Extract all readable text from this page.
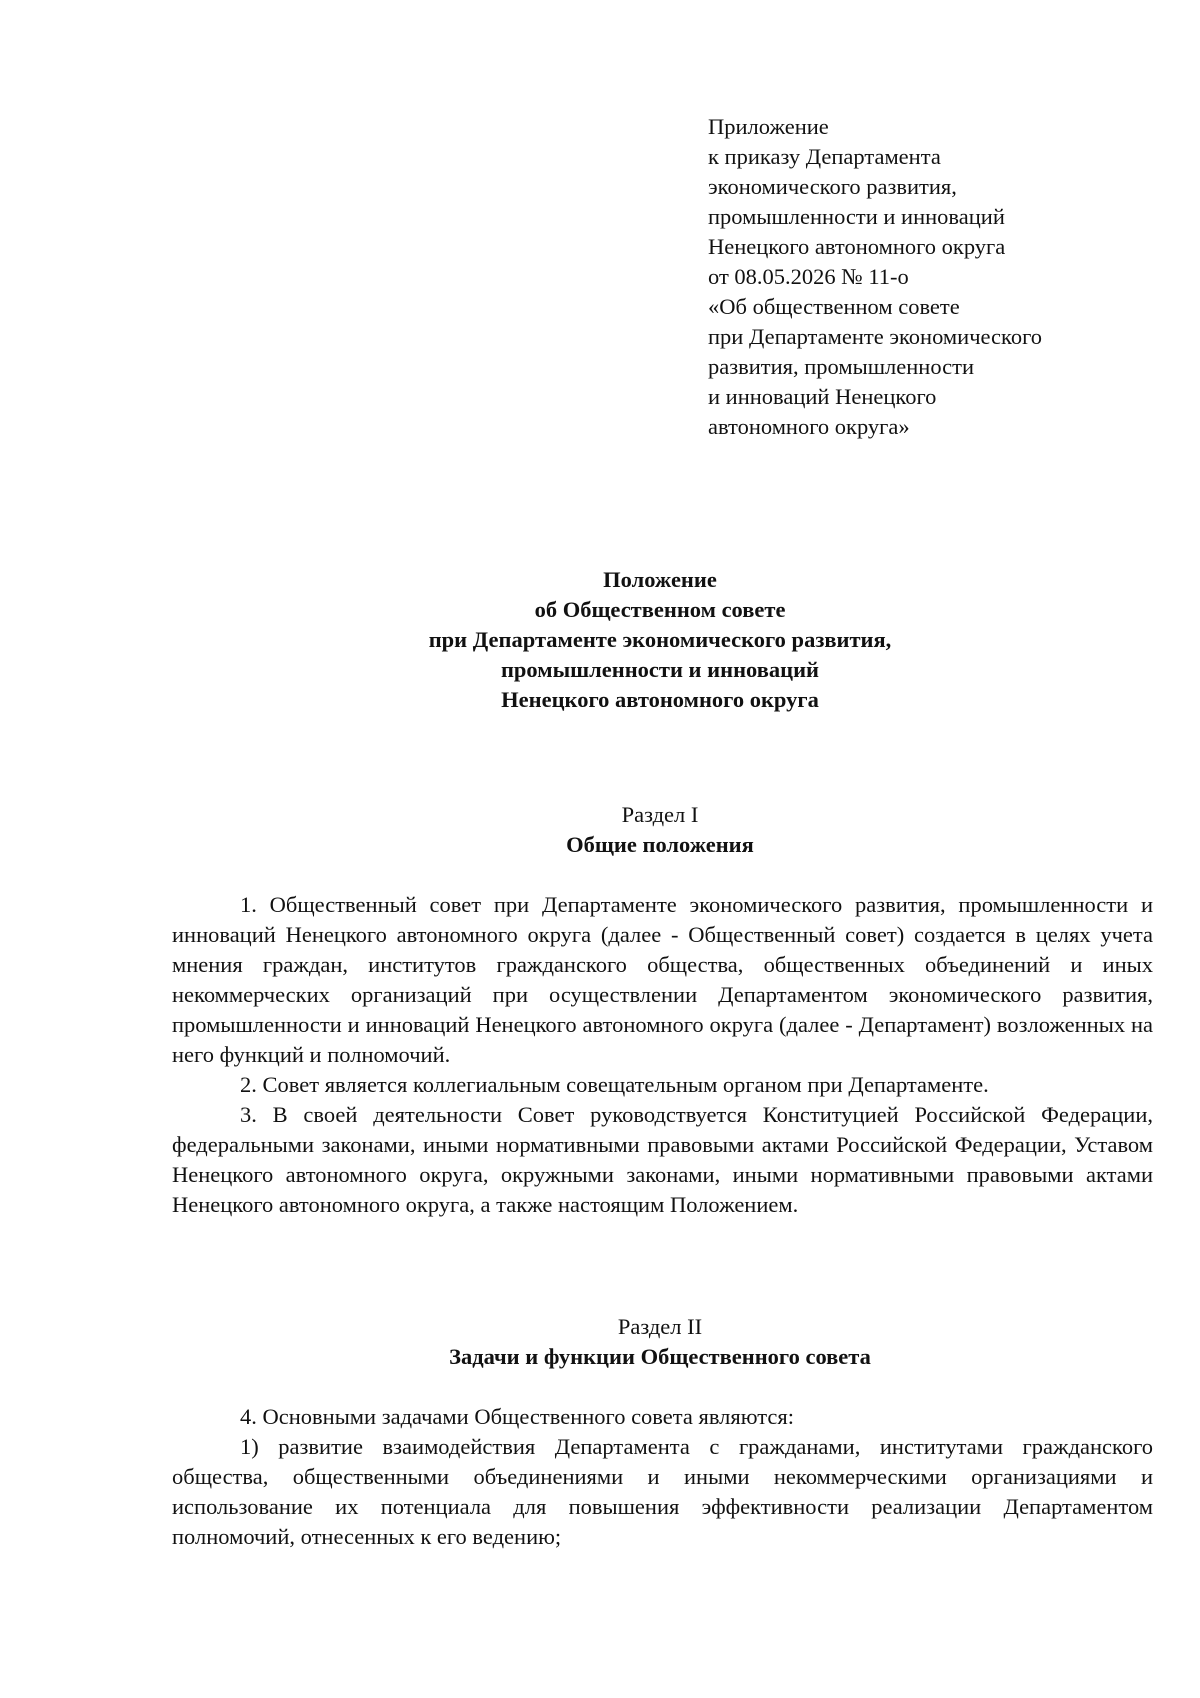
Приложение
к приказу Департамента
экономического развития,
промышленности и инноваций
Ненецкого автономного округа
от 08.05.2026 № 11-о
«Об общественном совете
при Департаменте экономического
развития, промышленности
и инноваций Ненецкого
автономного округа»
Положение
об Общественном совете
при Департаменте экономического развития,
промышленности и инноваций
Ненецкого автономного округа
Раздел I
Общие положения

1. Общественный совет при Департаменте экономического развития, промышленности и инноваций Ненецкого автономного округа (далее - Общественный совет) создается в целях учета мнения граждан, институтов гражданского общества, общественных объединений и иных некоммерческих организаций при осуществлении Департаментом экономического развития, промышленности и инноваций Ненецкого автономного округа (далее - Департамент) возложенных на него функций и полномочий.

2. Совет является коллегиальным совещательным органом при Департаменте.

3. В своей деятельности Совет руководствуется Конституцией Российской Федерации, федеральными законами, иными нормативными правовыми актами Российской Федерации, Уставом Ненецкого автономного округа, окружными законами, иными нормативными правовыми актами Ненецкого автономного округа, а также настоящим Положением.

Раздел II
Задачи и функции Общественного совета

4. Основными задачами Общественного совета являются:

1) развитие взаимодействия Департамента с гражданами, институтами гражданского общества, общественными объединениями и иными некоммерческими организациями и использование их потенциала для повышения эффективности реализации Департаментом полномочий, отнесенных к его ведению;
